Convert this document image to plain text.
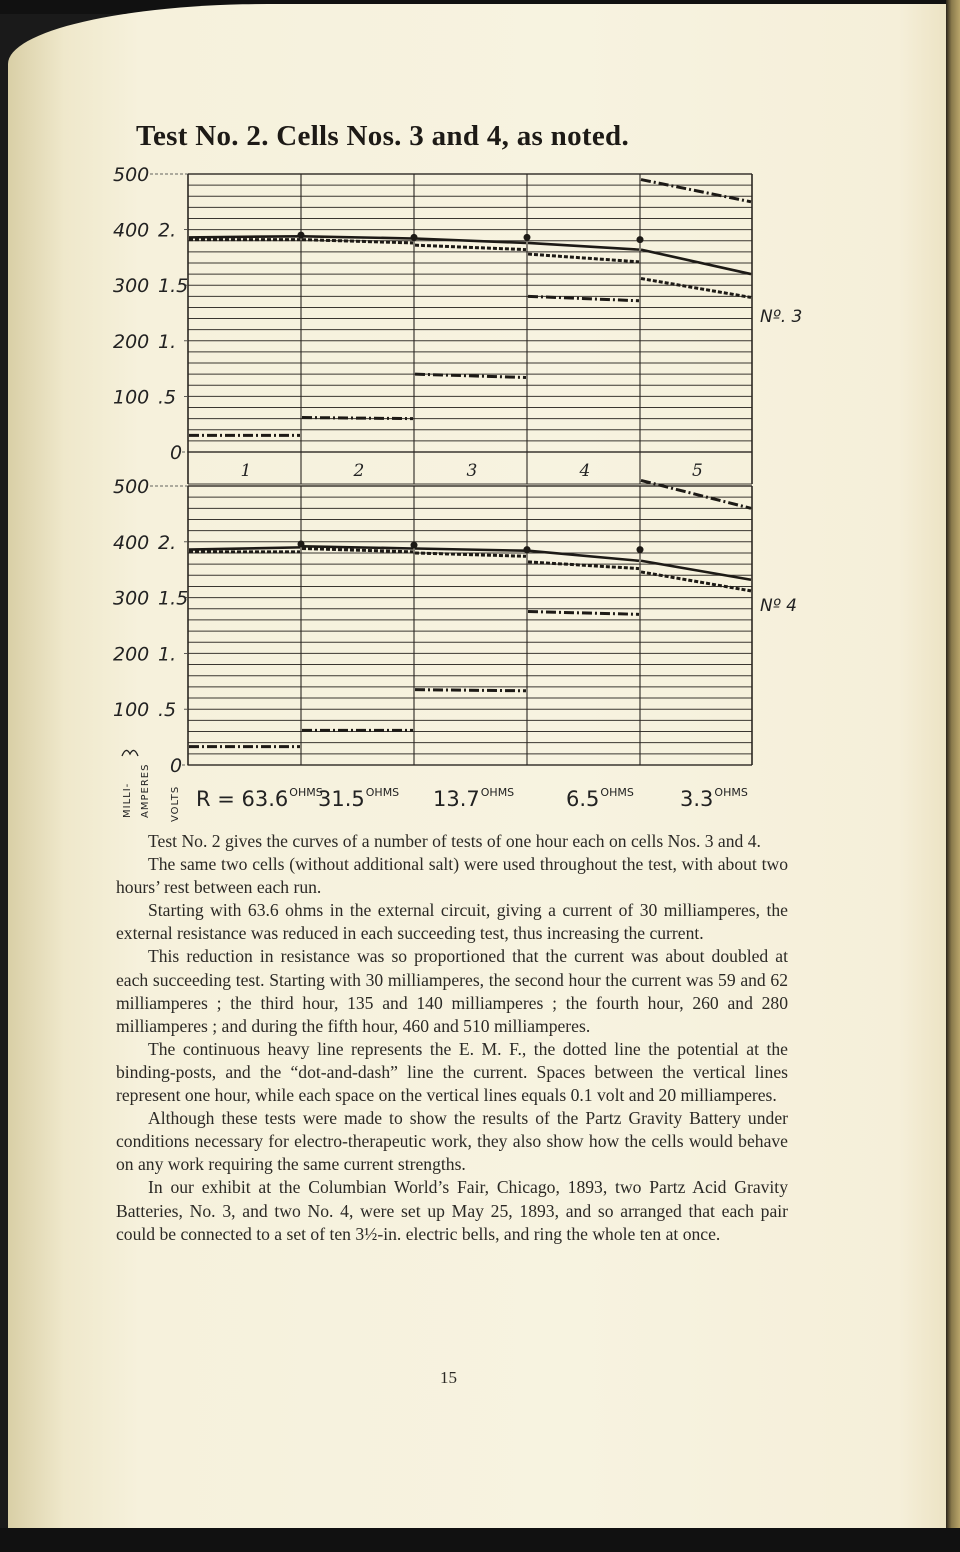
Test No. 2. Cells Nos. 3 and 4, as noted.
500
400 2.
300 1.5
200 1.
100 .5
0
Nº. 3
500
400 2.
300 1.5
200 1.
100 .5
0
Nº 4
1	2	3	4	5
R = 63.6 OHMS
31.5 OHMS 13.7 OHMS 6.5 OHMS 3.3 OHMS
MILLI- AMPERES VOLTS

Test No. 2 gives the curves of a number of tests of one hour each on cells Nos. 3 and 4.

The same two cells (without additional salt) were used throughout the test, with about two hours’ rest between each run.

Starting with 63.6 ohms in the external circuit, giving a current of 30 milliamperes, the external resistance was reduced in each succeeding test, thus increasing the current.

This reduction in resistance was so proportioned that the current was about doubled at each succeeding test. Starting with 30 milliamperes, the second hour the current was 59 and 62 milliamperes ; the third hour, 135 and 140 milliamperes ; the fourth hour, 260 and 280 milliamperes ; and during the fifth hour, 460 and 510 milliamperes.

The continuous heavy line represents the E. M. F., the dotted line the potential at the binding-posts, and the “dot-and-dash” line the current. Spaces between the vertical lines represent one hour, while each space on the vertical lines equals 0.1 volt and 20 milliamperes.

Although these tests were made to show the results of the Partz Gravity Battery under conditions necessary for electro-therapeutic work, they also show how the cells would behave on any work requiring the same current strengths.

In our exhibit at the Columbian World’s Fair, Chicago, 1893, two Partz Acid Gravity Batteries, No. 3, and two No. 4, were set up May 25, 1893, and so arranged that each pair could be connected to a set of ten 3½-in. electric bells, and ring the whole ten at once.

15
